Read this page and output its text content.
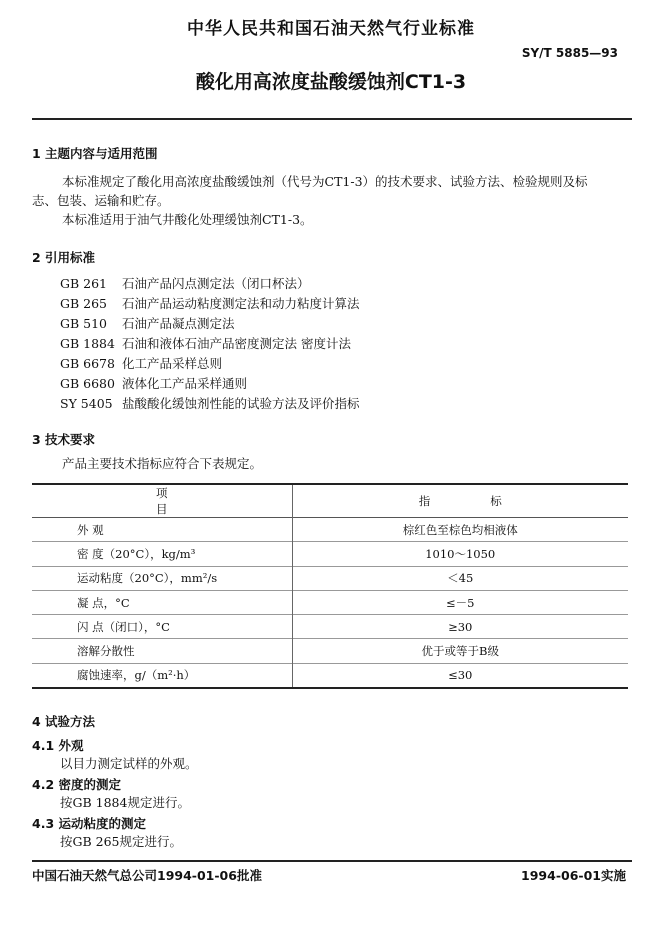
中华人民共和国石油天然气行业标准
SY/T 5885—93
酸化用高浓度盐酸缓蚀剂CT1-3
1 主题内容与适用范围
本标准规定了酸化用高浓度盐酸缓蚀剂（代号为CT1-3）的技术要求、试验方法、检验规则及标
志、包装、运输和贮存。
本标准适用于油气井酸化处理缓蚀剂CT1-3。
2 引用标准
GB 261 石油产品闪点测定法（闭口杯法）
GB 265 石油产品运动粘度测定法和动力粘度计算法
GB 510 石油产品凝点测定法
GB 1884 石油和液体石油产品密度测定法 密度计法
GB 6678 化工产品采样总则
GB 6680 液体化工产品采样通则
SY 5405 盐酸酸化缓蚀剂性能的试验方法及评价指标
3 技术要求
产品主要技术指标应符合下表规定。
项目	指标
外 观	棕红色至棕色均相液体
密 度（20°C），kg/m³	1010～1050
运动粘度（20°C），mm²/s	＜45
凝 点，°C	≤－5
闪 点（闭口），°C	≥30
溶解分散性	优于或等于B级
腐蚀速率，g/（m²·h）	≤30
4 试验方法
4.1 外观
以目力测定试样的外观。
4.2 密度的测定
按GB 1884规定进行。
4.3 运动粘度的测定
按GB 265规定进行。
中国石油天然气总公司1994-01-06批准	1994-06-01实施
